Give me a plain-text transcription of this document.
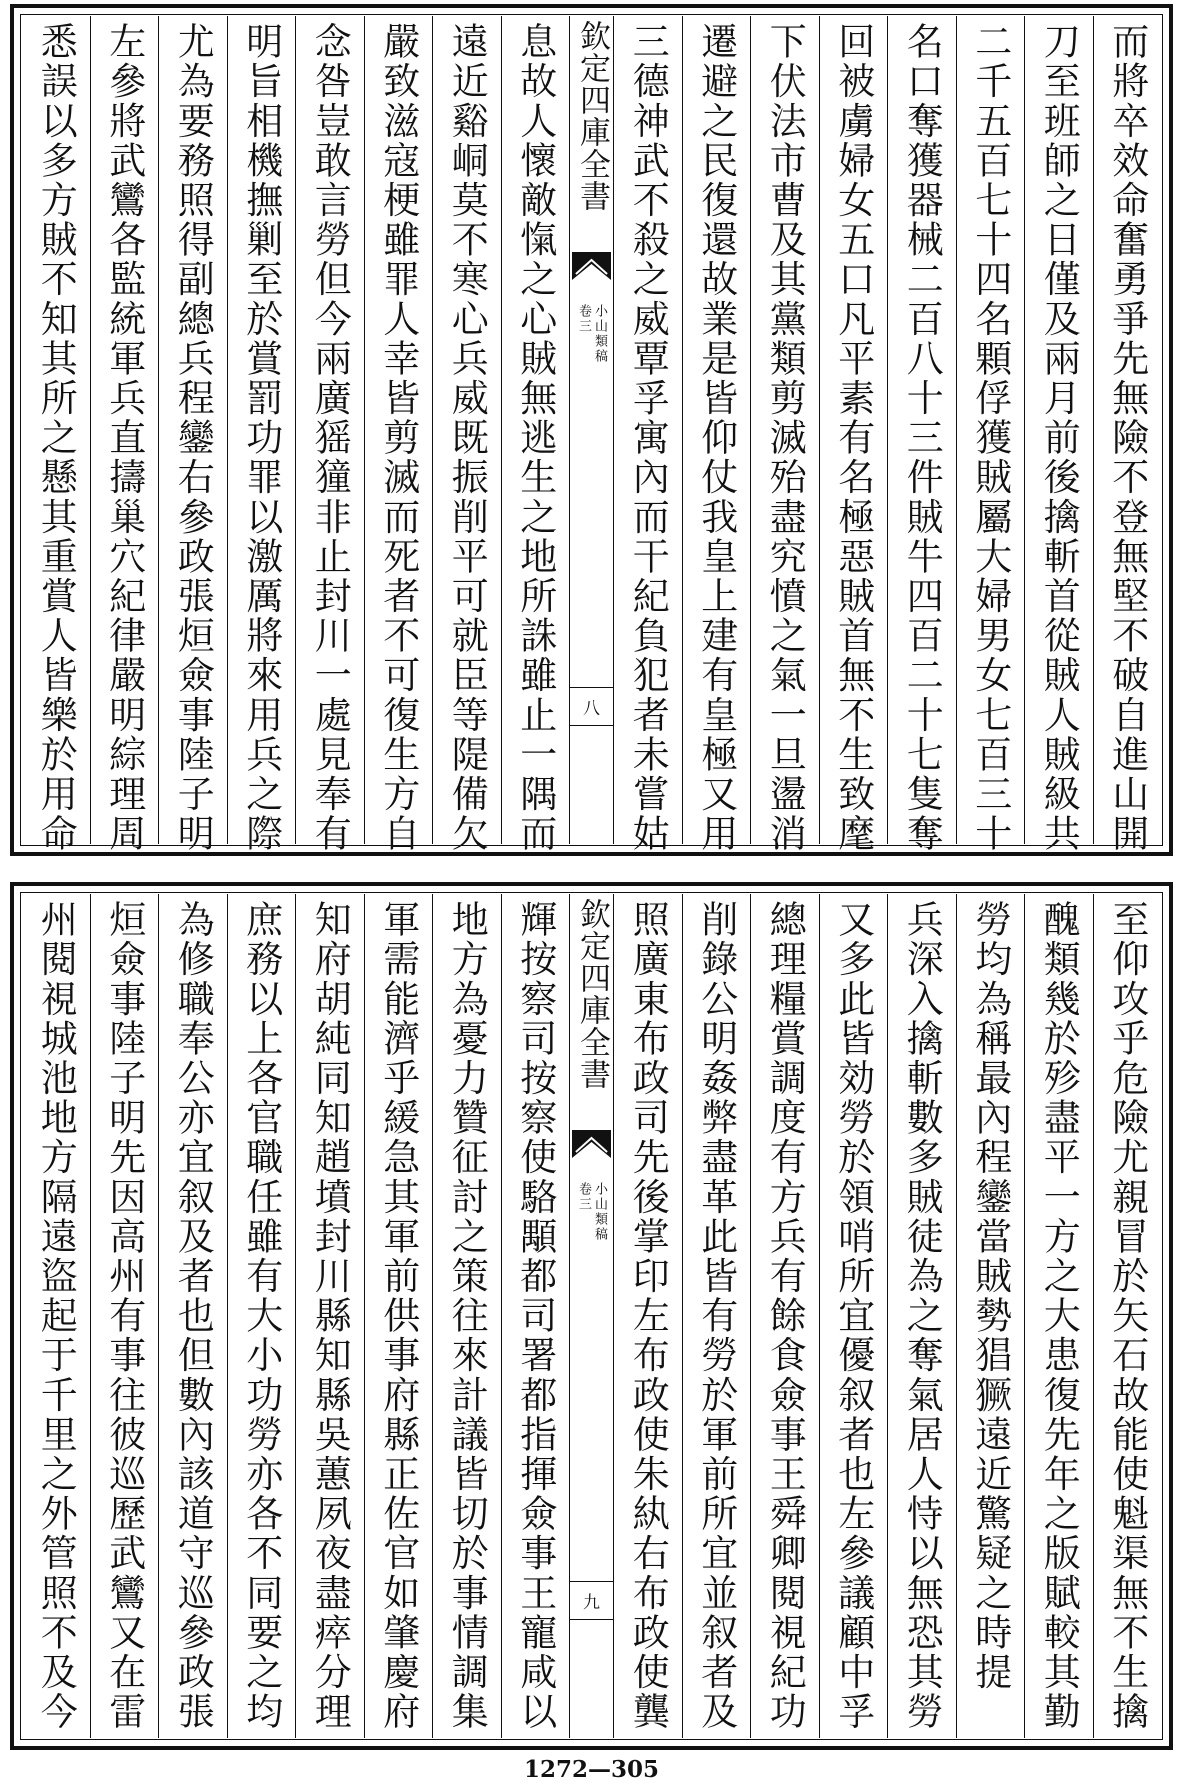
而將卒效命奮勇爭先無險不登無堅不破自進山開
刀至班師之日僅及兩月前後擒斬首從賊人賊級共
二千五百七十四名顆俘獲賊屬大婦男女七百三十
名口奪獲器械二百八十三件賊牛四百二十七隻奪
回被虜婦女五口凡平素有名極惡賊首無不生致麾
下伏法市曹及其黨類剪滅殆盡究憤之氣一旦盪消
遷避之民復還故業是皆仰仗我皇上建有皇極又用
三德神武不殺之威覃孚寓內而干紀負犯者未嘗姑
欽定四庫全書
小山類稿
卷三
八
息故人懷敵愾之心賊無逃生之地所誅雖止一隅而
遠近谿峒莫不寒心兵威既振削平可就臣等隄備欠
嚴致滋寇梗雖罪人幸皆剪滅而死者不可復生方自
念咎豈敢言勞但今兩廣猺獞非止封川一處見奉有
明旨相機撫剿至於賞罰功罪以激厲將來用兵之際
尤為要務照得副總兵程鑾右參政張烜僉事陸子明
左參將武鸞各監統軍兵直擣巢穴紀律嚴明綜理周
悉誤以多方賊不知其所之懸其重賞人皆樂於用命
至仰攻乎危險尤親冒於矢石故能使魁渠無不生擒
醜類幾於殄盡平一方之大患復先年之版賦較其勤
勞均為稱最內程鑾當賊勢猖獗遠近驚疑之時提
兵深入擒斬數多賊徒為之奪氣居人恃以無恐其勞
又多此皆効勞於領哨所宜優叙者也左參議顧中孚
總理糧賞調度有方兵有餘食僉事王舜卿閱視紀功
削錄公明姦弊盡革此皆有勞於軍前所宜並叙者及
照廣東布政司先後掌印左布政使朱紈右布政使龔
欽定四庫全書
小山類稿
卷三
九
輝按察司按察使駱顒都司署都指揮僉事王寵咸以
地方為憂力贊征討之策往來計議皆切於事情調集
軍需能濟乎緩急其軍前供事府縣正佐官如肇慶府
知府胡純同知趙墳封川縣知縣吳蕙夙夜盡瘁分理
庶務以上各官職任雖有大小功勞亦各不同要之均
為修職奉公亦宜叙及者也但數內該道守巡參政張
烜僉事陸子明先因高州有事往彼巡歷武鸞又在雷
州閱視城池地方隔遠盜起于千里之外管照不及今
1272—305
